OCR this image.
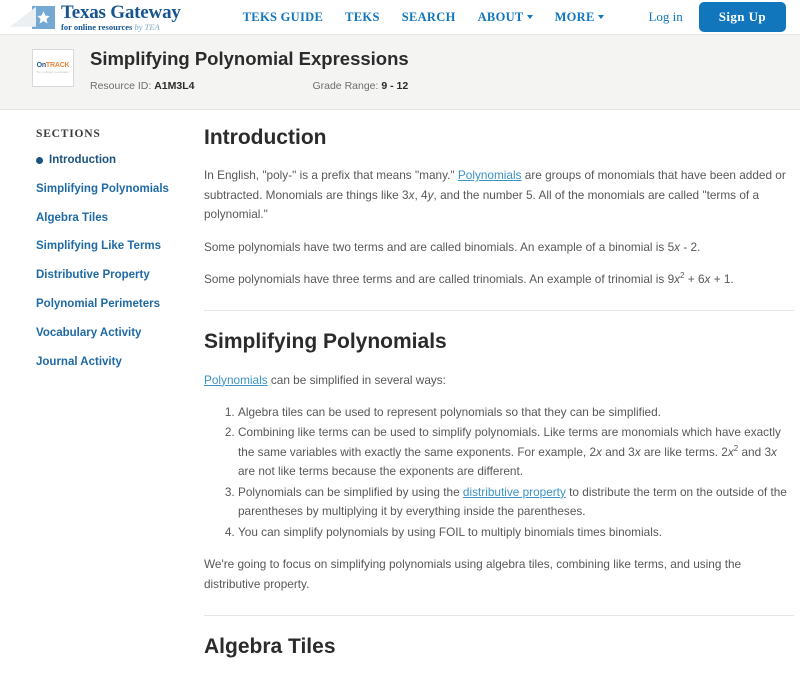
Texas Gateway
for online resources by TEA
TEKS GUIDE TEKS SEARCH ABOUT	MORE	Log in	Sign Up
OnTRACK
for college readiness
Simplifying Polynomial Expressions
Resource ID: A1M3L4	Grade Range: 9 - 12
SECTIONS
Introduction
Simplifying Polynomials
Algebra Tiles
Simplifying Like Terms
Distributive Property
Polynomial Perimeters
Vocabulary Activity
Journal Activity
Introduction

In English, "poly-" is a prefix that means "many." Polynomials are groups of monomials that have been added or subtracted. Monomials are things like 3x, 4y, and the number 5. All of the monomials are called "terms of a polynomial."

Some polynomials have two terms and are called binomials. An example of a binomial is 5x - 2.

Some polynomials have three terms and are called trinomials. An example of trinomial is $9x^2 + 6x + 1$.

Simplifying Polynomials

Polynomials can be simplified in several ways:

1. Algebra tiles can be used to represent polynomials so that they can be simplified.
2. Combining like terms can be used to simplify polynomials. Like terms are monomials which have exactly the same variables with exactly the same exponents. For example, 2x and 3x are like terms. $2x^2$ and 3x are not like terms because the exponents are different.
3. Polynomials can be simplified by using the distributive property to distribute the term on the outside of the parentheses by multiplying it by everything inside the parentheses.
4. You can simplify polynomials by using FOIL to multiply binomials times binomials.

We're going to focus on simplifying polynomials using algebra tiles, combining like terms, and using the distributive property.

Algebra Tiles
